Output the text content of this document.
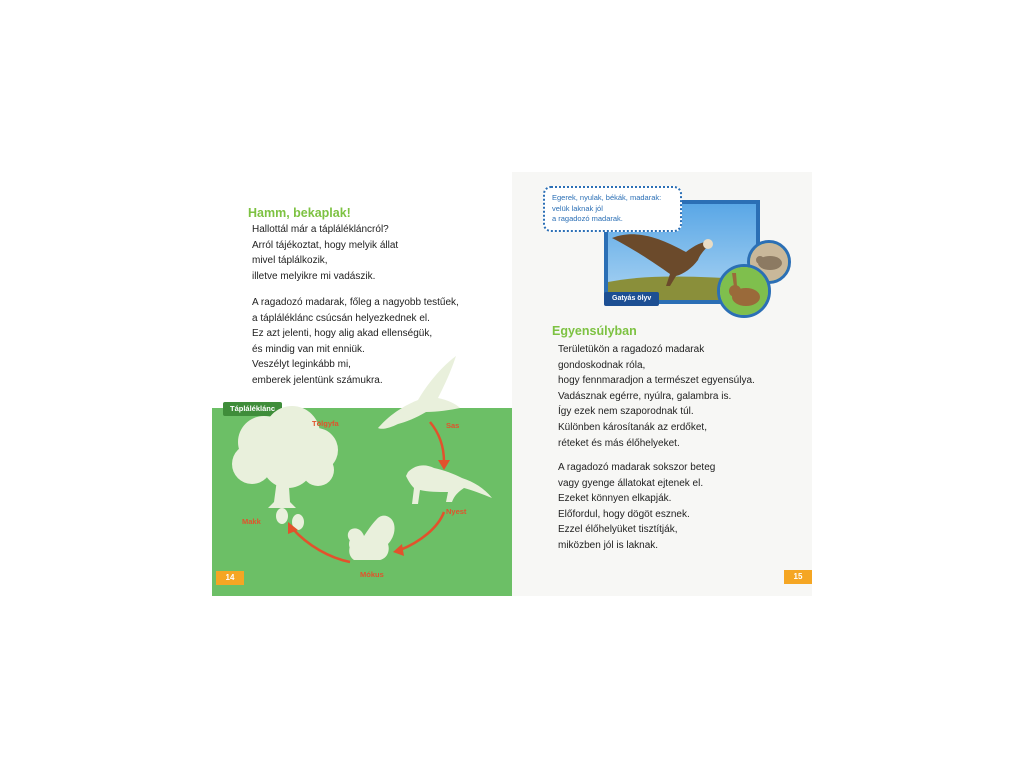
Hamm, bekaplak!
Hallottál már a táplálékláncról?
Arról tájékoztat, hogy melyik állat
mivel táplálkozik,
illetve melyikre mi vadászik.
A ragadozó madarak, főleg a nagyobb testűek,
a tápláléklánc csúcsán helyezkednek el.
Ez azt jelenti, hogy alig akad ellenségük,
és mindig van mit enniük.
Veszélyt leginkább mi,
emberek jelentünk számukra.
Tápláléklánc
Tölgyfa	Sas
Nyest
Mókus
Makk
14
Gatyás ölyv
Egerek, nyulak, békák, madarak:
velük laknak jól
a ragadozó madarak.
Egyensúlyban
Területükön a ragadozó madarak
gondoskodnak róla,
hogy fennmaradjon a természet egyensúlya.
Vadásznak egérre, nyúlra, galambra is.
Így ezek nem szaporodnak túl.
Különben károsítanák az erdőket,
réteket és más élőhelyeket.
A ragadozó madarak sokszor beteg
vagy gyenge állatokat ejtenek el.
Ezeket könnyen elkapják.
Előfordul, hogy dögöt esznek.
Ezzel élőhelyüket tisztítják,
miközben jól is laknak.
15
